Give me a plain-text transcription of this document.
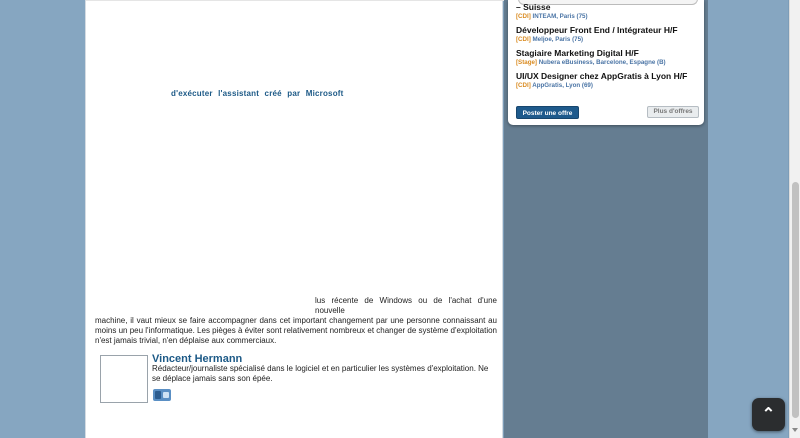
d'exécuter l'assistant créé par Microsoft
lus récente de Windows ou de l'achat d'une nouvelle
machine, il vaut mieux se faire accompagner dans cet important changement par une personne connaissant au moins un peu l'informatique. Les pièges à éviter sont relativement nombreux et changer de système d'exploitation n'est jamais trivial, n'en déplaise aux commerciaux.
Vincent Hermann
Rédacteur/journaliste spécialisé dans le logiciel et en particulier les systèmes d'exploitation. Ne se déplace jamais sans son épée.
– Suisse
[CDI] INTEAM, Paris (75)
Développeur Front End / Intégrateur H/F
[CDI] Meljoe, Paris (75)
Stagiaire Marketing Digital H/F
[Stage] Nubera eBusiness, Barcelone, Espagne (B)
UI/UX Designer chez AppGratis à Lyon H/F
[CDI] AppGratis, Lyon (69)
Poster une offre	Plus d'offres
⌃
